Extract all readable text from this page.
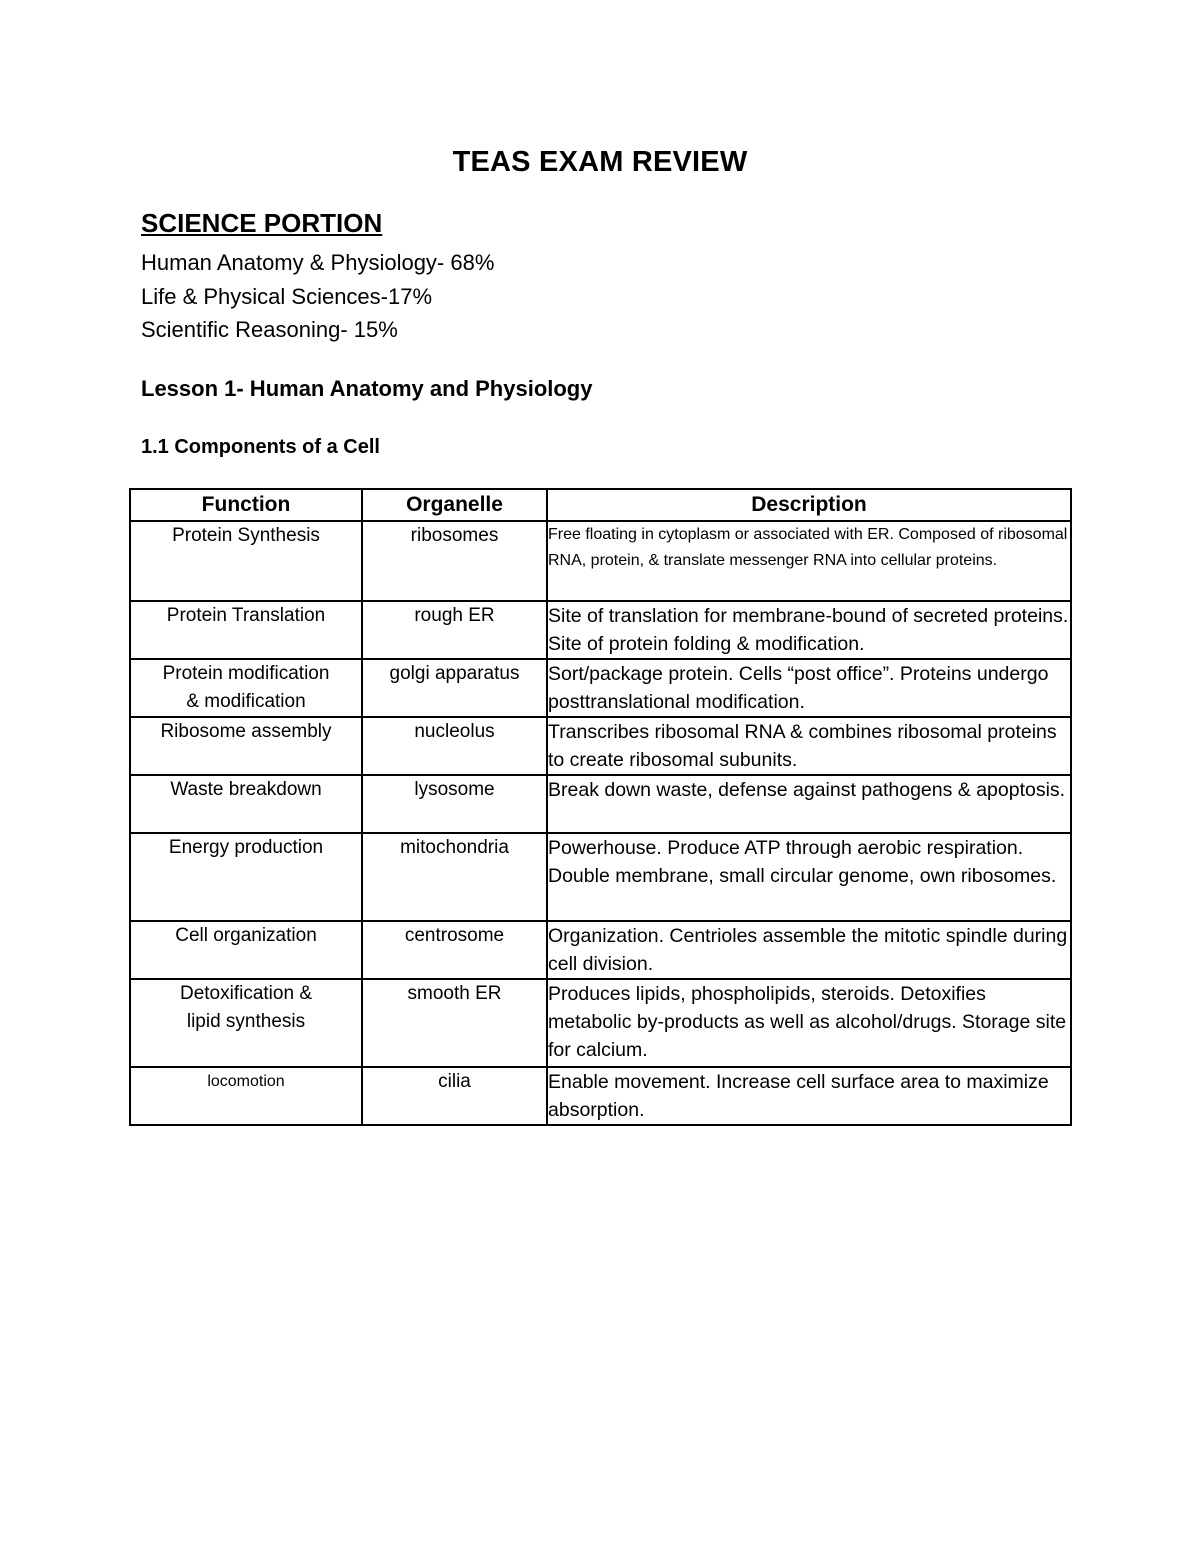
TEAS EXAM REVIEW
SCIENCE PORTION
Human Anatomy & Physiology- 68%
Life & Physical Sciences-17%
Scientific Reasoning- 15%
Lesson 1- Human Anatomy and Physiology
1.1 Components of a Cell
Function	Organelle	Description

Protein Synthesis	ribosomes	Free floating in cytoplasm or associated with ER. Composed of ribosomal RNA, protein, & translate messenger RNA into cellular proteins.

Protein Translation	rough ER	Site of translation for membrane-bound of secreted proteins. Site of protein folding & modification.

Protein modification
& modification	golgi apparatus	Sort/package protein. Cells “post office”. Proteins undergo posttranslational modification.

Ribosome assembly	nucleolus	Transcribes ribosomal RNA & combines ribosomal proteins to create ribosomal subunits.

Waste breakdown	lysosome	Break down waste, defense against pathogens & apoptosis.

Energy production	mitochondria	Powerhouse. Produce ATP through aerobic respiration. Double membrane, small circular genome, own ribosomes.

Cell organization	centrosome	Organization. Centrioles assemble the mitotic spindle during cell division.

Detoxification &
lipid synthesis	smooth ER	Produces lipids, phospholipids, steroids. Detoxifies metabolic by-products as well as alcohol/drugs. Storage site for calcium.

locomotion	cilia	Enable movement. Increase cell surface area to maximize absorption.
